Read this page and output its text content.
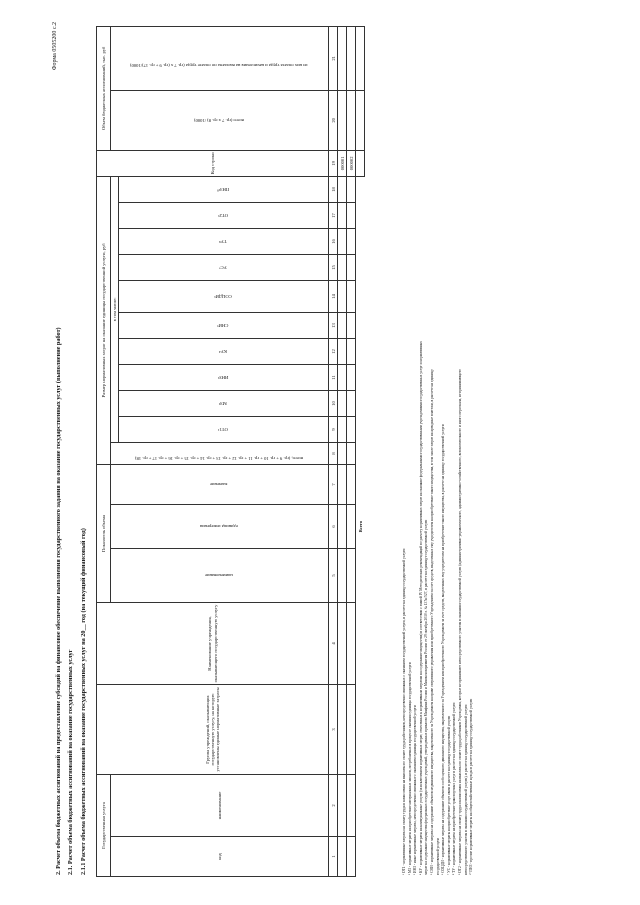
Форма 0505200 с.2
2. Расчет объема бюджетных ассигнований на предоставление субсидий на финансовое обеспечение выполнения государственного задания на оказание государственных услуг (выполнение работ) 2.1. Расчет объема бюджетных ассигнований на оказание государственных услуг 2.1.1 Расчет объема бюджетных ассигнований на оказание государственных услуг на 20__ год (на текущий финансовый год)	Государственная услуга		Группа учреждений, оказывающих государственную услугу, на которую установлены единые нормативные затраты	Наименование учреждения, оказывающего государственную услугу	Показатель объема			Размер нормативных затрат на оказание единицы государственной услуги, руб											Код строки	Объем бюджетных ассигнований, тыс. руб	
код	наименование			наименование	единица измерения	значение	всего, (гр. 9 + гр. 10 + гр. 11 + гр. 12 + гр. 13 + гр. 14 + гр. 15 + гр. 16 + гр. 17 + гр. 18)	в том числе:											всего (гр. 7 х гр. 8) /1000)	из них оплата труда и начисления на выплаты по оплате труда (гр. 7 х (гр. 9 + гр. 17)/1000)
								ОТ1¹	МЗ²	ИНЗ³	КУ⁴	СНИ⁵	СОЦДИ⁶	УС⁷	ТУ⁸	ОТ2⁹	ПНЗ¹⁰			
1	2	3	4	5	6	7	8	9	10	11	12	13	14	15	16	17	18	19	20	21
																		000001		
																		000002		
Всего																				
¹ ОТ1 - нормативные затраты на оплату труда и начисления на выплаты по оплате труда работников, непосредственно связанных с оказанием государственной услуги, в расчете на единицу государственной услуги ² МЗ - нормативные затраты на приобретение материальных запасов, потребляемых в процессе оказания единицы государственной услуги ³ ИНЗ - иные нормативные затраты, непосредственно связанные с оказанием единицы государственной услуги ⁴ КУ - нормативные затраты на коммунальные услуги (за исключением нормативных затрат, отнесенных к нормативным затратам на содержание имущества) в соответствии с главой IV Методических рекомендаций по расчету нормативных затрат на оказание федеральными государственными учреждениями государственных услуг и нормативных затрат на содержание имущества федеральных государственных учреждений, утвержденных приказом Минфина России и Минэкономразвития России от 29 октября 2010 г. № 137н/527, в расчете на единицу государственной услуги ⁵ СНИ - нормативные затраты на содержание объектов недвижимого имущества, закрепленного за Учреждением на праве оперативного управления или приобретенного Учреждением за счет средств, выделенных ему учредителем на приобретение такого имущества, в том числе затрат на арендные платежи, в расчете на единицу государственной услуги ⁶ СОЦДИ - нормативные затраты на содержание объектов особо ценного движимого имущества, закрепленного за Учреждением или приобретенного Учреждением за счет средств, выделенных ему учредителем на приобретение такого имущества, в расчете на единицу государственной услуги ⁷ УС - нормативные затраты на приобретение услуг связи в расчете на единицу государственной услуги ⁸ ТУ - нормативные затраты на приобретение транспортных услуг в расчете на единицу государственной услуги ⁹ ОТ2 - нормативные затраты на оплату труда и начисления на выплаты по оплате труда работников Учреждения, которые не принимают непосредственного участия в оказании государственной услуги (административно-управленческого, административно-хозяйственного, вспомогательного и иного персонала, не принимающего непосредственного участия в оказании государственной услуги), в расчете на единицу государственной услуги ¹⁰ ПНЗ - прочие нормативные затраты на общехозяйственные нужды в расчете на единицу государственной услуги
